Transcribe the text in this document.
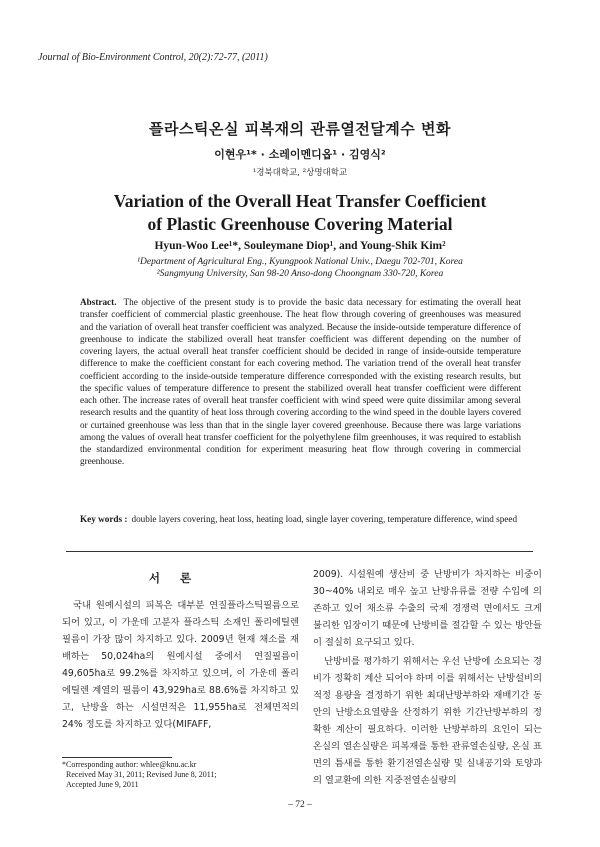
Journal of Bio-Environment Control, 20(2):72-77, (2011)
플라스틱온실 피복재의 관류열전달계수 변화
이현우¹* · 소레이멘디옵¹ · 김영식²
¹경북대학교, ²상명대학교
Variation of the Overall Heat Transfer Coefficient
of Plastic Greenhouse Covering Material
Hyun-Woo Lee¹*, Souleymane Diop¹, and Young-Shik Kim²
¹Department of Agricultural Eng., Kyungpook National Univ., Daegu 702-701, Korea
²Sangmyung University, San 98-20 Anso-dong Choongnam 330-720, Korea
Abstract. The objective of the present study is to provide the basic data necessary for estimating the overall heat transfer coefficient of commercial plastic greenhouse. The heat flow through covering of greenhouses was measured and the variation of overall heat transfer coefficient was analyzed. Because the inside-outside temperature difference of greenhouse to indicate the stabilized overall heat transfer coefficient was different depending on the number of covering layers, the actual overall heat transfer coefficient should be decided in range of inside-outside temperature difference to make the coefficient constant for each covering method. The variation trend of the overall heat transfer coefficient according to the inside-outside temperature difference corresponded with the existing research results, but the specific values of temperature difference to present the stabilized overall heat transfer coefficient were different each other. The increase rates of overall heat transfer coefficient with wind speed were quite dissimilar among several research results and the quantity of heat loss through covering according to the wind speed in the double layers covered or curtained greenhouse was less than that in the single layer covered greenhouse. Because there was large variations among the values of overall heat transfer coefficient for the polyethylene film greenhouses, it was required to establish the standardized environmental condition for experiment measuring heat flow through covering in commercial greenhouse.
Key words : double layers covering, heat loss, heating load, single layer covering, temperature difference, wind speed
서론

국내 원예시설의 피복은 대부분 연질플라스틱필름으로 되어 있고, 이 가운데 고분자 플라스틱 소재인 폴리에틸렌 필름이 가장 많이 차지하고 있다. 2009년 현재 채소를 재배하는 50,024ha의 원예시설 중에서 연질필름이 49,605ha로 99.2%를 차지하고 있으며, 이 가운데 폴리에틸렌 계열의 필름이 43,929ha로 88.6%를 차지하고 있고, 난방을 하는 시설면적은 11,955ha로 전체면적의 24% 정도를 차지하고 있다(MIFAFF,

2009). 시설원예 생산비 중 난방비가 차지하는 비중이 30~40% 내외로 매우 높고 난방유류를 전량 수입에 의존하고 있어 채소류 수출의 국제 경쟁력 면에서도 크게 불리한 입장이기 때문에 난방비를 절감할 수 있는 방안들이 절실히 요구되고 있다.

난방비를 평가하기 위해서는 우선 난방에 소요되는 경비가 정확히 계산 되어야 하며 이를 위해서는 난방설비의 적정 용량을 결정하기 위한 최대난방부하와 재배기간 동안의 난방소요열량을 산정하기 위한 기간난방부하의 정확한 계산이 필요하다. 이러한 난방부하의 요인이 되는 온실의 열손실량은 피복재를 통한 관류열손실량, 온실 표면의 틈새를 통한 환기전열손실량 및 실내공기와 토양과의 열교환에 의한 지중전열손실량의

*Corresponding author: whlee@knu.ac.kr
Received May 31, 2011; Revised June 8, 2011;
Accepted June 9, 2011
– 72 –
